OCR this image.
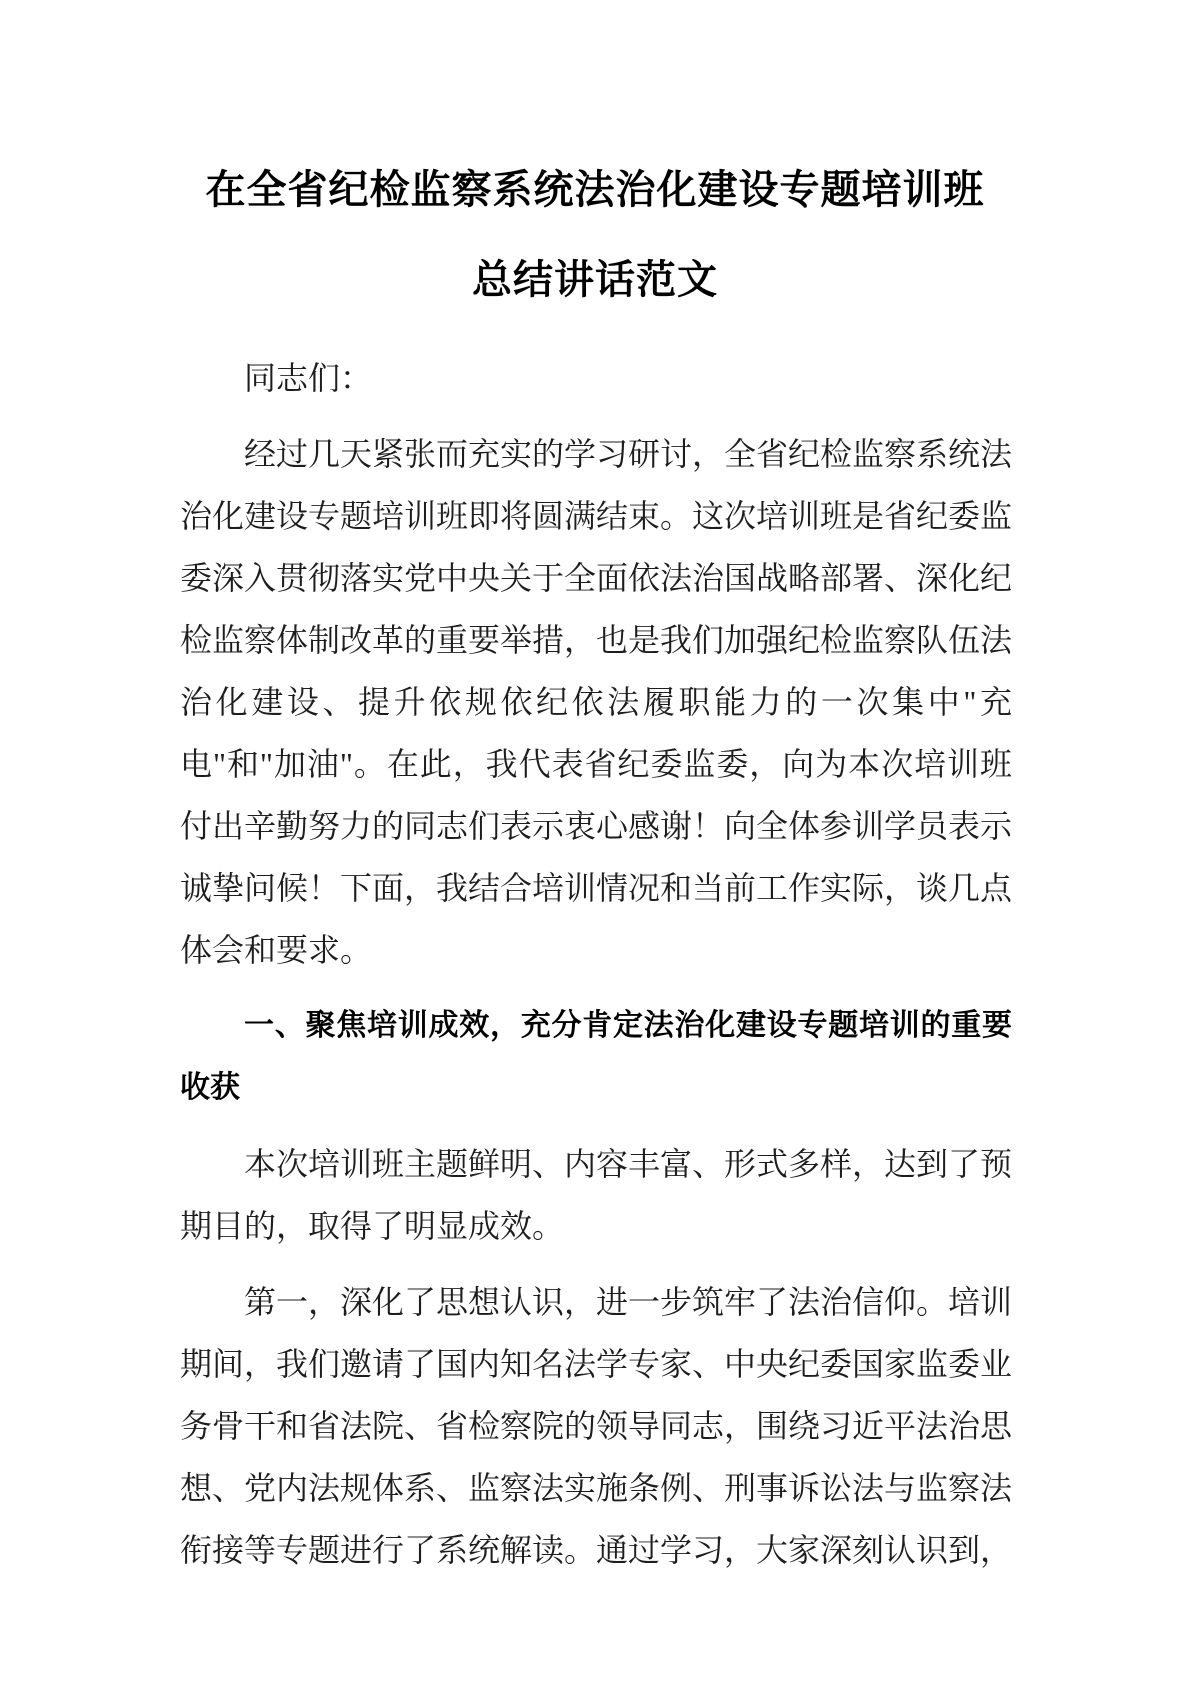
在全省纪检监察系统法治化建设专题培训班
总结讲话范文

同志们：

经过几天紧张而充实的学习研讨，全省纪检监察系统法治化建设专题培训班即将圆满结束。这次培训班是省纪委监委深入贯彻落实党中央关于全面依法治国战略部署、深化纪检监察体制改革的重要举措，也是我们加强纪检监察队伍法治化建设、提升依规依纪依法履职能力的一次集中"充电"和"加油"。在此，我代表省纪委监委，向为本次培训班付出辛勤努力的同志们表示衷心感谢！向全体参训学员表示诚挚问候！下面，我结合培训情况和当前工作实际，谈几点体会和要求。

一、聚焦培训成效，充分肯定法治化建设专题培训的重要收获

本次培训班主题鲜明、内容丰富、形式多样，达到了预期目的，取得了明显成效。

第一，深化了思想认识，进一步筑牢了法治信仰。培训期间，我们邀请了国内知名法学专家、中央纪委国家监委业务骨干和省法院、省检察院的领导同志，围绕习近平法治思想、党内法规体系、监察法实施条例、刑事诉讼法与监察法衔接等专题进行了系统解读。通过学习，大家深刻认识到，
